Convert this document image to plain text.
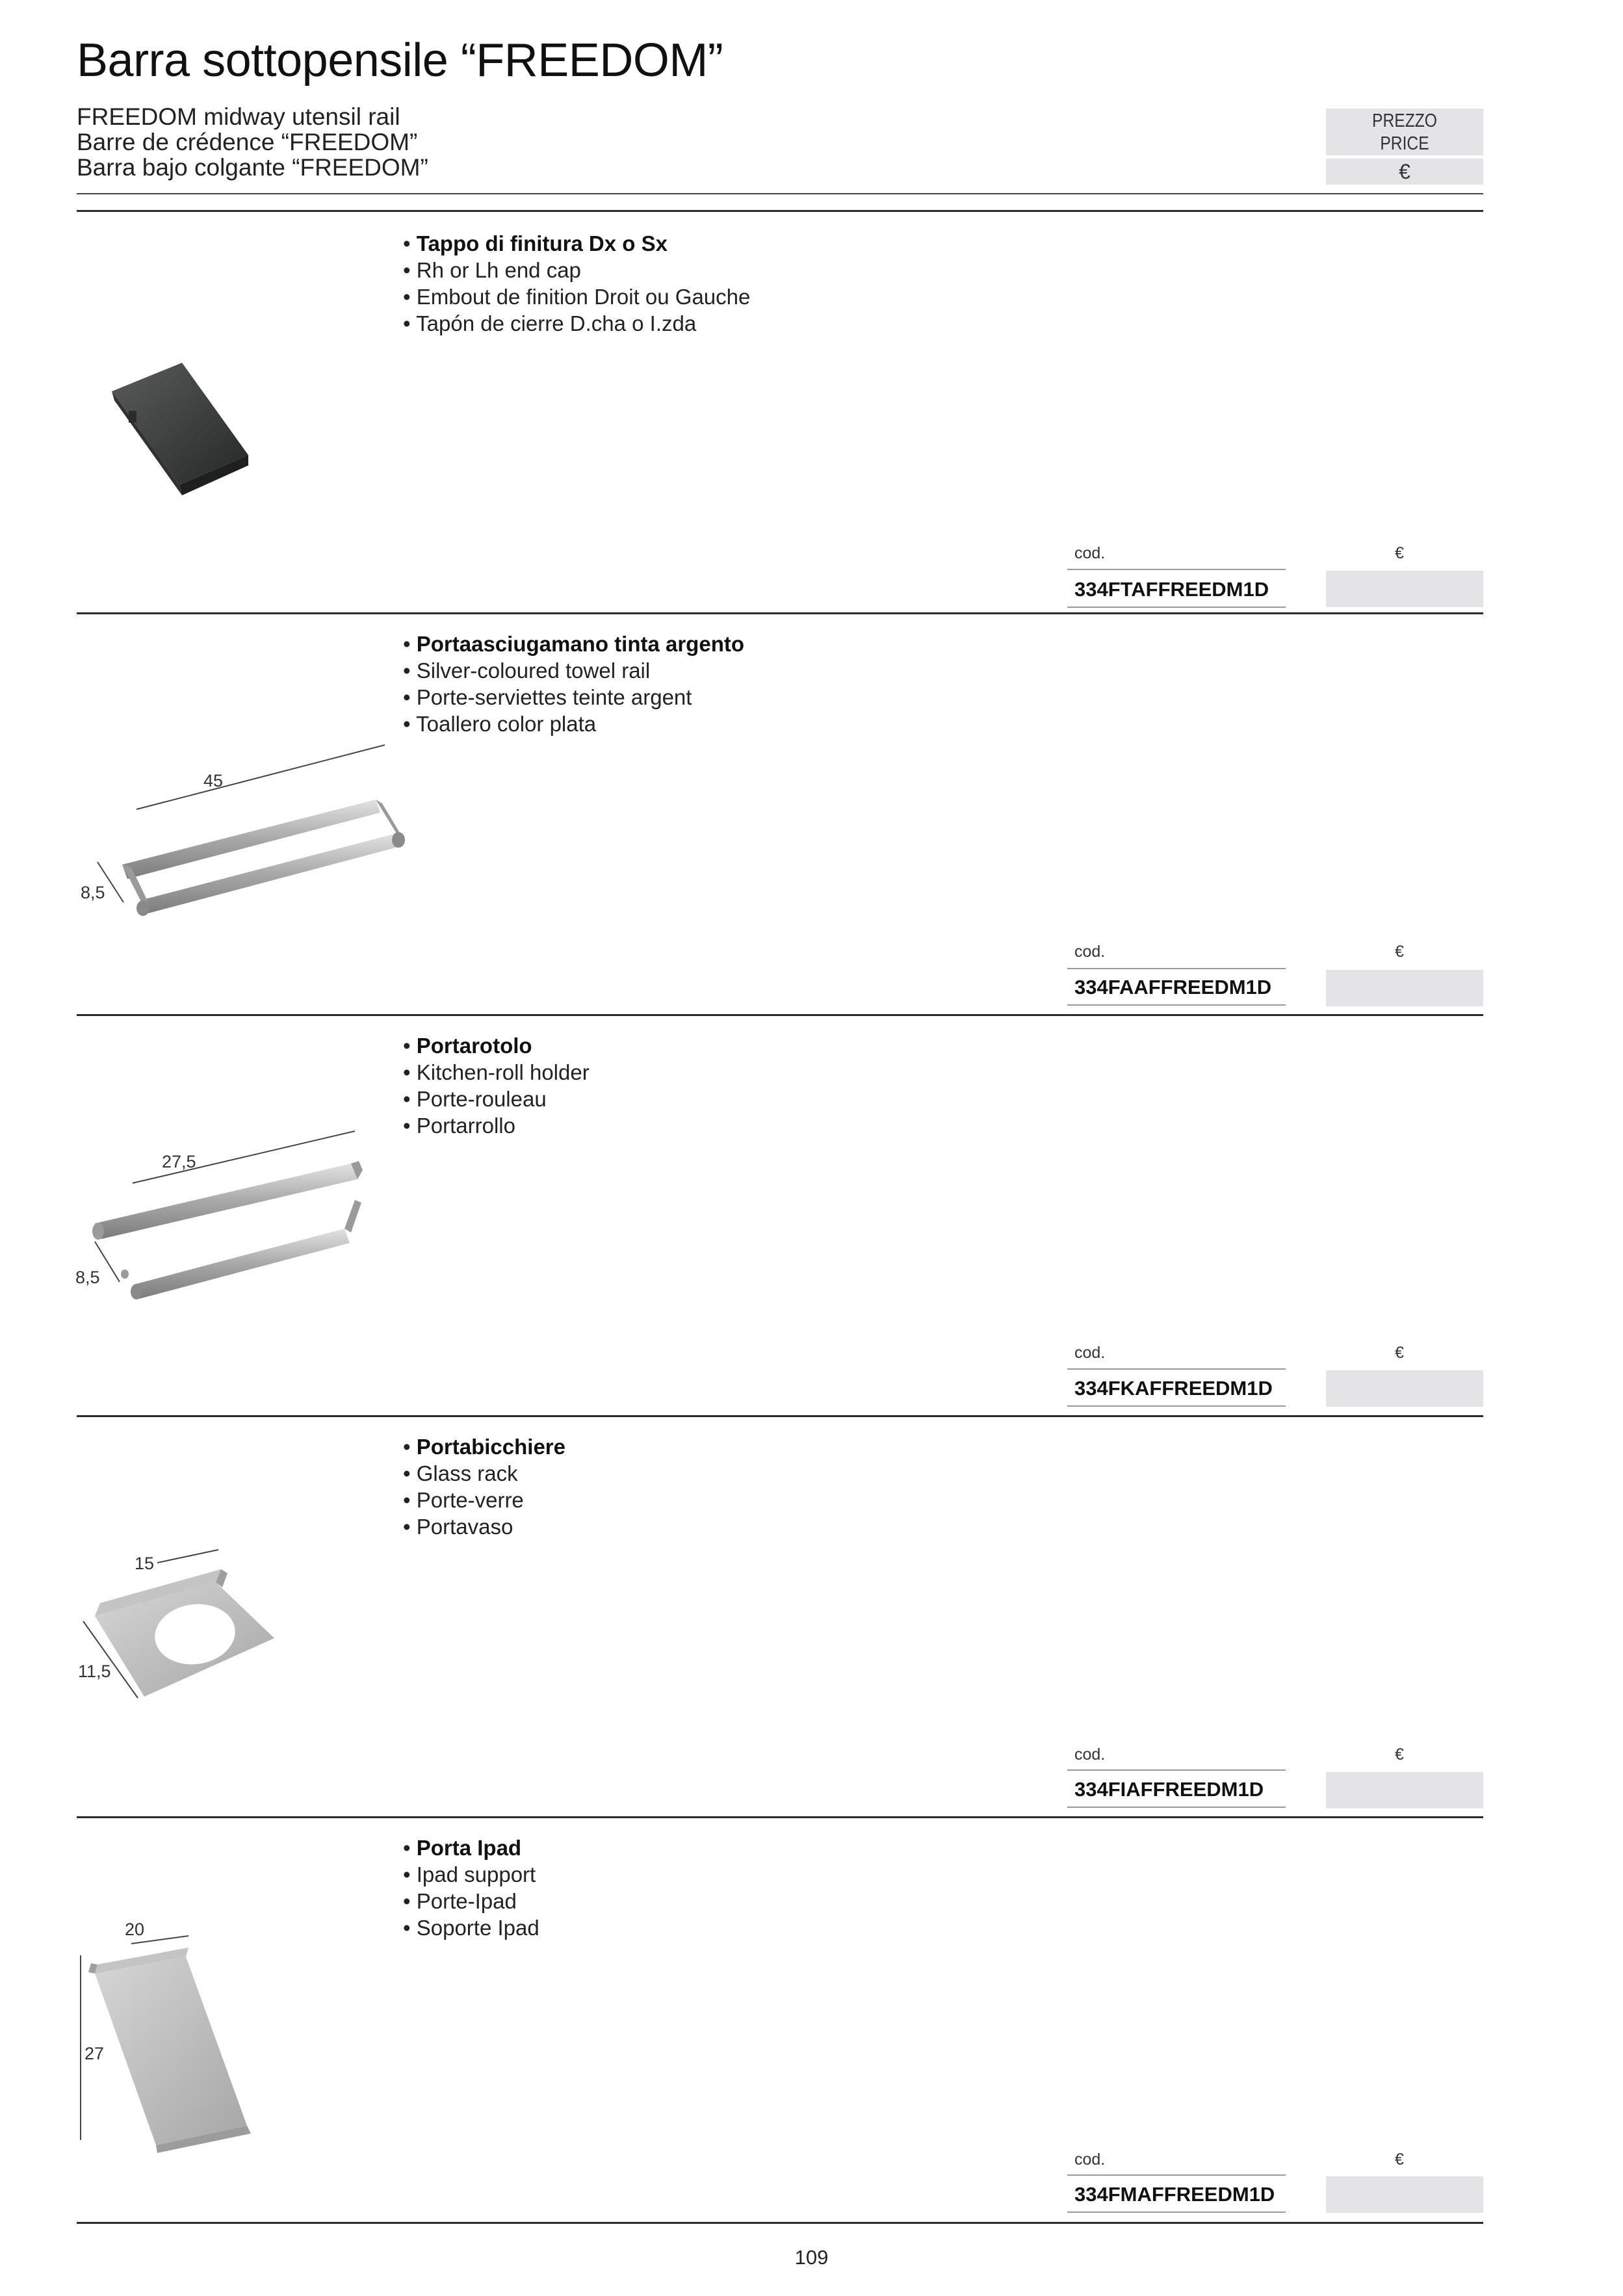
Barra sottopensile “FREEDOM”
FREEDOM midway utensil rail
Barre de crédence “FREEDOM”
Barra bajo colgante “FREEDOM”
PREZZO
PRICE
€
• Tappo di finitura Dx o Sx
• Rh or Lh end cap
• Embout de finition Droit ou Gauche
• Tapón de cierre D.cha o I.zda
cod.	€
334FTAFFREEDM1D
• Portaasciugamano tinta argento
• Silver-coloured towel rail
• Porte-serviettes teinte argent
• Toallero color plata
45
8,5
cod.	€
334FAAFFREEDM1D
• Portarotolo
• Kitchen-roll holder
• Porte-rouleau
• Portarrollo
27,5
8,5
cod.	€
334FKAFFREEDM1D
• Portabicchiere
• Glass rack
• Porte-verre
• Portavaso
15
11,5
cod.	€
334FIAFFREEDM1D
• Porta Ipad
• Ipad support
• Porte-Ipad
• Soporte Ipad
20
27
cod.	€
334FMAFFREEDM1D
109
